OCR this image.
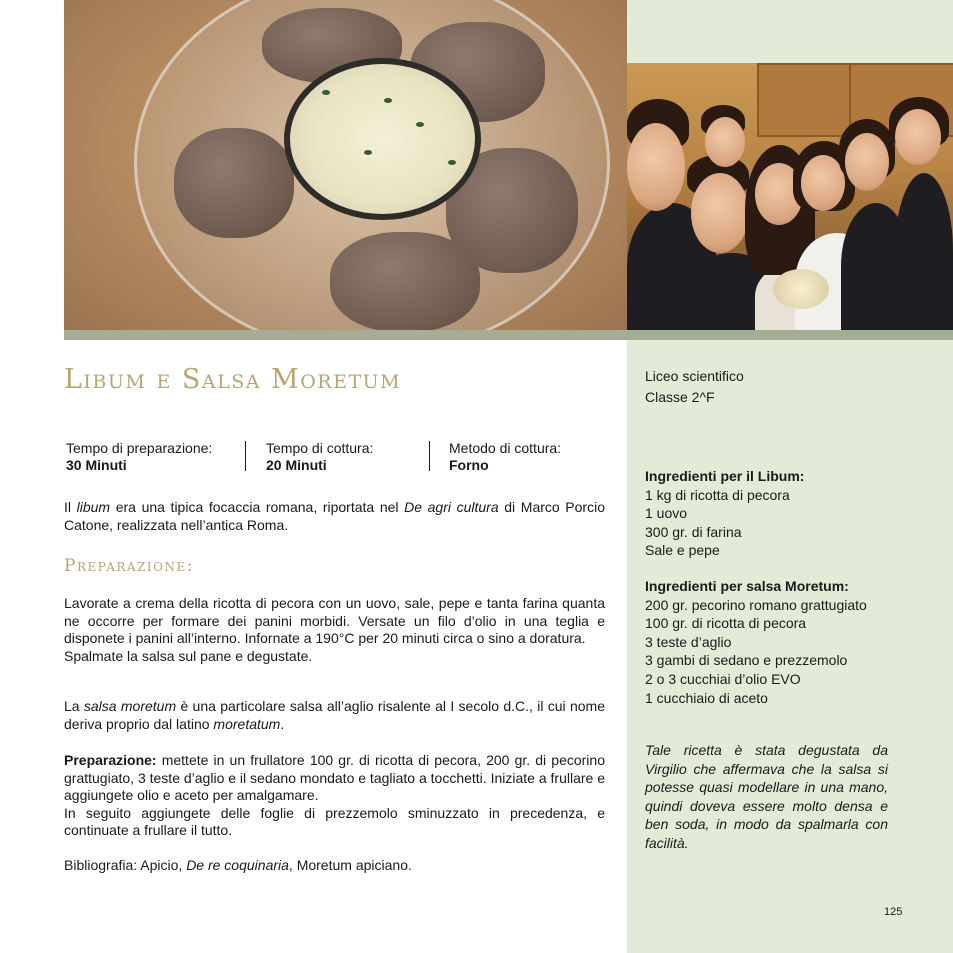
Libum e Salsa Moretum
Tempo di preparazione:
30 Minuti
Tempo di cottura:
20 Minuti
Metodo di cottura:
Forno

Il libum era una tipica focaccia romana, riportata nel De agri cultura di Marco Porcio Catone, realizzata nell’antica Roma.

Preparazione:

Lavorate a crema della ricotta di pecora con un uovo, sale, pepe e tanta farina quanta ne occorre per formare dei panini morbidi. Versate un filo d’olio in una teglia e disponete i panini all’interno. Infornate a 190°C per 20 minuti circa o sino a doratura.
Spalmate la salsa sul pane e degustate.

La salsa moretum è una particolare salsa all’aglio risalente al I secolo d.C., il cui nome deriva proprio dal latino moretatum.

Preparazione: mettete in un frullatore 100 gr. di ricotta di pecora, 200 gr. di pecorino grattugiato, 3 teste d’aglio e il sedano mondato e tagliato a tocchetti. Iniziate a frullare e aggiungete olio e aceto per amalgamare.
In seguito aggiungete delle foglie di prezzemolo sminuzzato in precedenza, e continuate a frullare il tutto.

Bibliografia: Apicio, De re coquinaria, Moretum apiciano.

Liceo scientifico
Classe 2^F
Ingredienti per il Libum:
1 kg di ricotta di pecora
1 uovo
300 gr. di farina
Sale e pepe
Ingredienti per salsa Moretum:
200 gr. pecorino romano grattugiato
100 gr. di ricotta di pecora
3 teste d’aglio
3 gambi di sedano e prezzemolo
2 o 3 cucchiai d’olio EVO
1 cucchiaio di aceto

Tale ricetta è stata degustata da Virgilio che affermava che la salsa si potesse quasi modellare in una mano, quindi doveva essere molto densa e ben soda, in modo da spalmarla con facilità.

125
